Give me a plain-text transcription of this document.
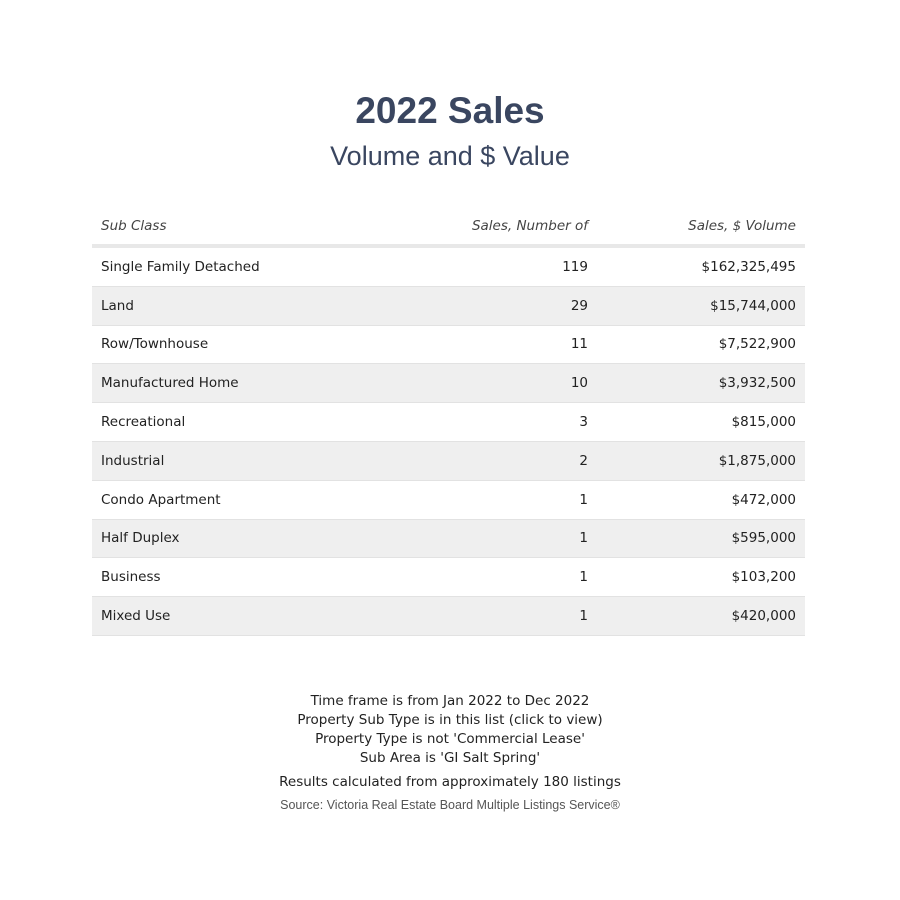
2022 Sales
Volume and $ Value
Sub Class	Sales, Number of	Sales, $ Volume
Single Family Detached	119	$162,325,495
Land	29	$15,744,000
Row/Townhouse	11	$7,522,900
Manufactured Home	10	$3,932,500
Recreational	3	$815,000
Industrial	2	$1,875,000
Condo Apartment	1	$472,000
Half Duplex	1	$595,000
Business	1	$103,200
Mixed Use	1	$420,000
Time frame is from Jan 2022 to Dec 2022
Property Sub Type is in this list (click to view)
Property Type is not 'Commercial Lease'
Sub Area is 'GI Salt Spring'
Results calculated from approximately 180 listings
Source: Victoria Real Estate Board Multiple Listings Service®
